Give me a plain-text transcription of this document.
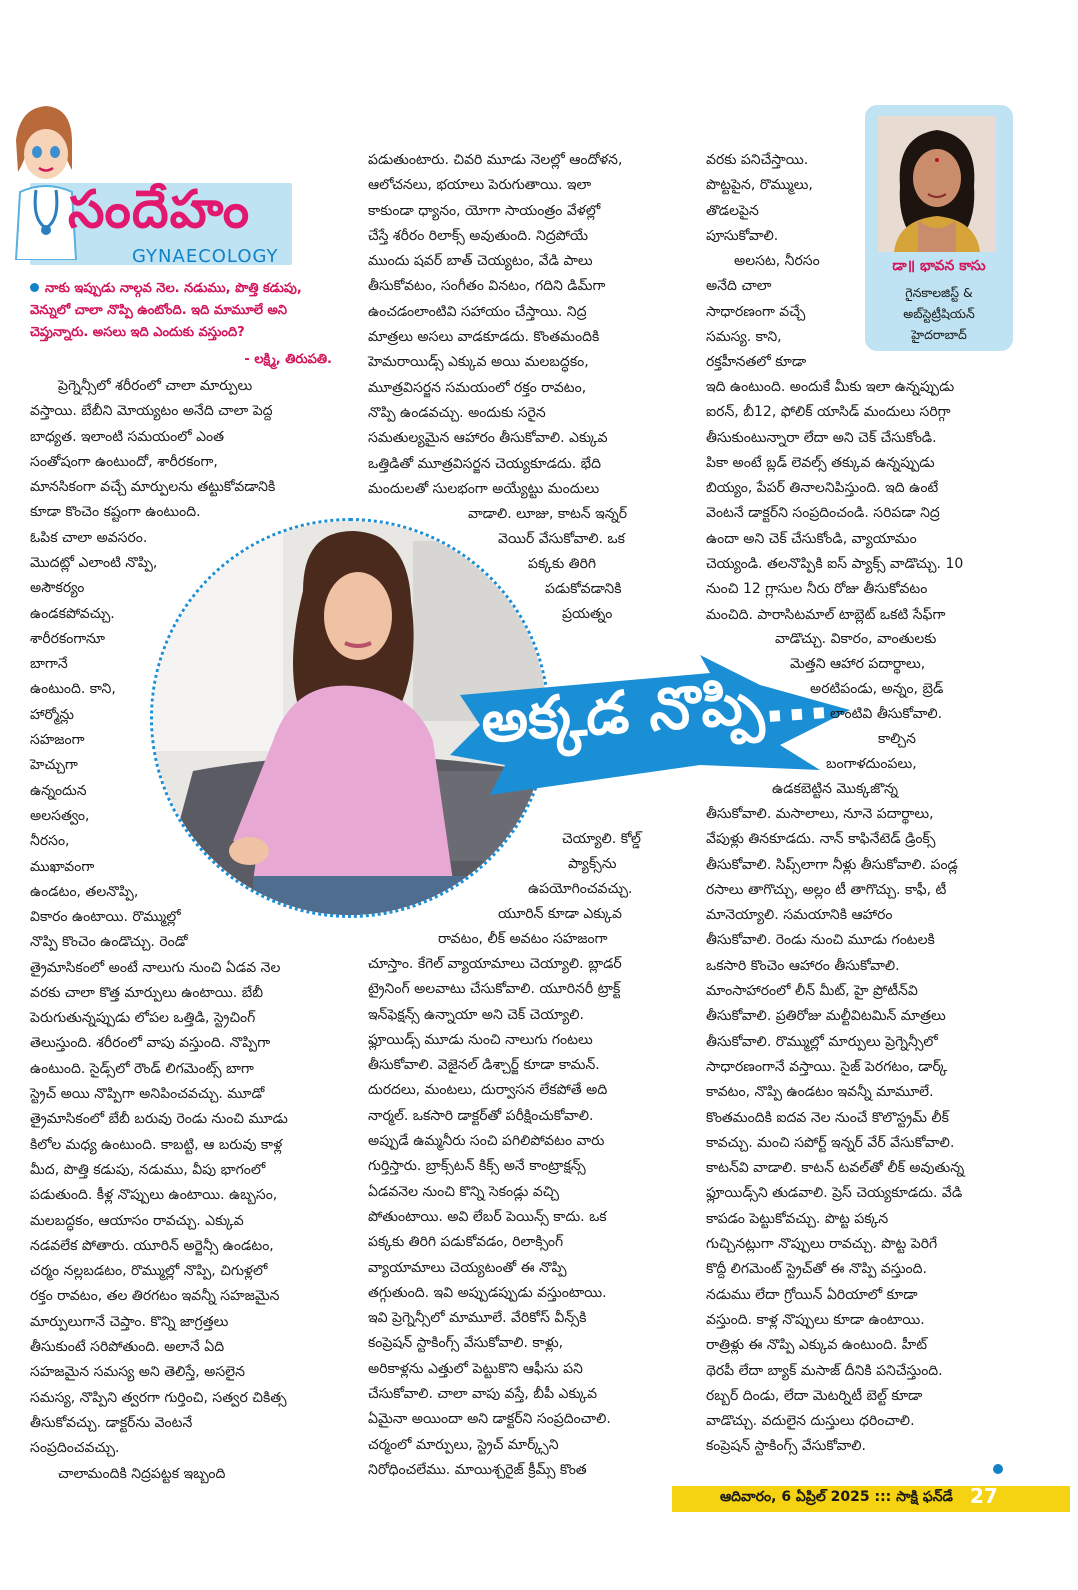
సందేహం
GYNAECOLOGY
నాకు ఇప్పుడు నాల్గవ నెల. నడుము, పొత్తి కడుపు, వెన్నులో చాలా నొప్పి ఉంటోంది. ఇది మామూలే అని చెప్తున్నారు. అసలు ఇది ఎందుకు వస్తుంది?
- లక్ష్మి, తిరుపతి.
డా॥ భావన కాసు
గైనకాలజిస్ట్ &
అబ్‌స్టెట్రీషియన్
హైదరాబాద్
అక్కడ నొప్పి...

ప్రెగ్నెన్సీలో శరీరంలో చాలా మార్పులు

వస్తాయి. బేబీని మోయ్యటం అనేది చాలా పెద్ద

బాధ్యత. ఇలాంటి సమయంలో ఎంత

సంతోషంగా ఉంటుందో, శారీరకంగా,

మానసికంగా వచ్చే మార్పులను తట్టుకోవడానికి

కూడా కొంచెం కష్టంగా ఉంటుంది.

ఓపిక చాలా అవసరం.

మొదట్లో ఎలాంటి నొప్పి,

అసౌకర్యం

ఉండకపోవచ్చు.

శారీరకంగానూ

బాగానే

ఉంటుంది. కాని,

హార్మోన్లు

సహజంగా

హెచ్చుగా

ఉన్నందున

అలసత్వం,

నీరసం,

ముఖావంగా

ఉండటం, తలనొప్పి,

వికారం ఉంటాయి. రొమ్ముల్లో

నొప్పి కొంచెం ఉండొచ్చు. రెండో

త్రైమాసికంలో అంటే నాలుగు నుంచి ఏడవ నెల

వరకు చాలా కొత్త మార్పులు ఉంటాయి. బేబీ

పెరుగుతున్నప్పుడు లోపల ఒత్తిడి, స్ట్రెచింగ్

తెలుస్తుంది. శరీరంలో వాపు వస్తుంది. నొప్పిగా

ఉంటుంది. సైడ్స్‌లో రౌండ్ లిగమెంట్స్ బాగా

స్ట్రెచ్ అయి నొప్పిగా అనిపించవచ్చు. మూడో

త్రైమాసికంలో బేబీ బరువు రెండు నుంచి మూడు

కిలోల మధ్య ఉంటుంది. కాబట్టి, ఆ బరువు కాళ్ల

మీద, పొత్తి కడుపు, నడుము, వీపు భాగంలో

పడుతుంది. కీళ్ల నొప్పులు ఉంటాయి. ఉబ్బసం,

మలబద్ధకం, ఆయాసం రావచ్చు. ఎక్కువ

నడవలేక పోతారు. యూరిన్ అర్జెన్సీ ఉండటం,

చర్మం నల్లబడటం, రొమ్ముల్లో నొప్పి, చిగుళ్లలో

రక్తం రావటం, తల తిరగటం ఇవన్నీ సహజమైన

మార్పులుగానే చెప్తాం. కొన్ని జాగ్రత్తలు

తీసుకుంటే సరిపోతుంది. అలానే ఏది

సహజమైన సమస్య అని తెలిస్తే, అసలైన

సమస్య, నొప్పిని త్వరగా గుర్తించి, సత్వర చికిత్స

తీసుకోవచ్చు. డాక్టర్‌ను వెంటనే

సంప్రదించవచ్చు.

చాలామందికి నిద్రపట్టక ఇబ్బంది

పడుతుంటారు. చివరి మూడు నెలల్లో ఆందోళన,

ఆలోచనలు, భయాలు పెరుగుతాయి. ఇలా

కాకుండా ధ్యానం, యోగా సాయంత్రం వేళల్లో

చేస్తే శరీరం రిలాక్స్ అవుతుంది. నిద్రపోయే

ముందు షవర్ బాత్ చెయ్యటం, వేడి పాలు

తీసుకోవటం, సంగీతం వినటం, గదిని డిమ్‌గా

ఉంచడంలాంటివి సహాయం చేస్తాయి. నిద్ర

మాత్రలు అసలు వాడకూడదు. కొంతమందికి

హెమరాయిడ్స్ ఎక్కువ అయి మలబద్ధకం,

మూత్రవిసర్జన సమయంలో రక్తం రావటం,

నొప్పి ఉండవచ్చు. అందుకు సరైన

సమతుల్యమైన ఆహారం తీసుకోవాలి. ఎక్కువ

ఒత్తిడితో మూత్రవిసర్జన చెయ్యకూడదు. భేది

మందులతో సులభంగా అయ్యేట్టు మందులు

వాడాలి. లూజు, కాటన్ ఇన్నర్
వెయిర్ వేసుకోవాలి. ఒక
పక్కకు తిరిగి
పడుకోవడానికి
ప్రయత్నం
చెయ్యాలి. కోల్డ్
ప్యాక్స్‌ను
ఉపయోగించవచ్చు.
యూరిన్ కూడా ఎక్కువ
రావటం, లీక్ అవటం సహజంగా

చూస్తాం. కేగెల్ వ్యాయామాలు చెయ్యాలి. బ్లాడర్

ట్రైనింగ్ అలవాటు చేసుకోవాలి. యూరినరీ ట్రాక్ట్

ఇన్‌ఫెక్షన్స్ ఉన్నాయా అని చెక్ చెయ్యాలి.

ఫ్లూయిడ్స్ మూడు నుంచి నాలుగు గంటలు

తీసుకోవాలి. వెజైనల్ డిశ్చార్జ్ కూడా కామన్.

దురదలు, మంటలు, దుర్వాసన లేకపోతే అది

నార్మల్. ఒకసారి డాక్టర్‌తో పరీక్షించుకోవాలి.

అప్పుడే ఉమ్మనీరు సంచి పగిలిపోవటం వారు

గుర్తిస్తారు. బ్రాక్స్‌టన్ కిక్స్ అనే కాంట్రాక్షన్స్

ఏడవనెల నుంచి కొన్ని సెకండ్లు వచ్చి

పోతుంటాయి. అవి లేబర్ పెయిన్స్ కాదు. ఒక

పక్కకు తిరిగి పడుకోవడం, రిలాక్సింగ్

వ్యాయామాలు చెయ్యటంతో ఈ నొప్పి

తగ్గుతుంది. ఇవి అప్పుడప్పుడు వస్తుంటాయి.

ఇవి ప్రెగ్నెన్సీలో మామూలే. వేరికోస్ వీన్స్‌కి

కంప్రెషన్ స్టాకింగ్స్ వేసుకోవాలి. కాళ్లు,

అరికాళ్లను ఎత్తులో పెట్టుకొని ఆఫీసు పని

చేసుకోవాలి. చాలా వాపు వస్తే, బీపీ ఎక్కువ

ఏమైనా అయిందా అని డాక్టర్‌ని సంప్రదించాలి.

చర్మంలో మార్పులు, స్ట్రెచ్ మార్క్స్‌ని

నిరోధించలేము. మాయిశ్చరైజ్ క్రీమ్స్ కొంత

వరకు పనిచేస్తాయి.

పొట్టపైన, రొమ్ములు,

తొడలపైన

పూసుకోవాలి.

అలసట, నీరసం

అనేది చాలా

సాధారణంగా వచ్చే

సమస్య. కాని,

రక్తహీనతలో కూడా

ఇది ఉంటుంది. అందుకే మీకు ఇలా ఉన్నప్పుడు

ఐరన్, బీ12, ఫోలిక్ యాసిడ్ మందులు సరిగ్గా

తీసుకుంటున్నారా లేదా అని చెక్ చేసుకోండి.

పికా అంటే బ్లడ్ లెవల్స్ తక్కువ ఉన్నప్పుడు

బియ్యం, పేపర్ తినాలనిపిస్తుంది. ఇది ఉంటే

వెంటనే డాక్టర్‌ని సంప్రదించండి. సరిపడా నిద్ర

ఉందా అని చెక్ చేసుకోండి, వ్యాయామం

చెయ్యండి. తలనొప్పికి ఐస్ ప్యాక్స్ వాడొచ్చు. 10

నుంచి 12 గ్లాసుల నీరు రోజు తీసుకోవటం

మంచిది. పారాసిటమాల్ టాబ్లెట్ ఒకటి సేఫ్‌గా

వాడొచ్చు. వికారం, వాంతులకు
మెత్తని ఆహార పదార్థాలు,
అరటిపండు, అన్నం, బ్రెడ్
లాంటివి తీసుకోవాలి.
కాల్చిన
బంగాళదుంపలు,
ఉడకబెట్టిన మొక్కజొన్న

తీసుకోవాలి. మసాలాలు, నూనె పదార్థాలు,

వేపుళ్లు తినకూడదు. నాన్ కాఫినేటెడ్ డ్రింక్స్

తీసుకోవాలి. సిప్స్‌లాగా నీళ్లు తీసుకోవాలి. పండ్ల

రసాలు తాగొచ్చు, అల్లం టీ తాగొచ్చు. కాఫీ, టీ

మానెయ్యాలి. సమయానికి ఆహారం

తీసుకోవాలి. రెండు నుంచి మూడు గంటలకి

ఒకసారి కొంచెం ఆహారం తీసుకోవాలి.

మాంసాహారంలో లీన్ మీట్, హై ప్రోటీన్‌వి

తీసుకోవాలి. ప్రతిరోజు మల్టీవిటమిన్ మాత్రలు

తీసుకోవాలి. రొమ్ముల్లో మార్పులు ప్రెగ్నెన్సీలో

సాధారణంగానే వస్తాయి. సైజ్ పెరగటం, డార్క్

కావటం, నొప్పి ఉండటం ఇవన్నీ మామూలే.

కొంతమందికి ఐదవ నెల నుంచే కొలొస్ట్రమ్ లీక్

కావచ్చు. మంచి సపోర్ట్ ఇన్నర్ వేర్ వేసుకోవాలి.

కాటన్‌వి వాడాలి. కాటన్ టవల్‌తో లీక్ అవుతున్న

ఫ్లూయిడ్స్‌ని తుడవాలి. ప్రెస్ చెయ్యకూడదు. వేడి

కాపడం పెట్టుకోవచ్చు. పొట్ట పక్కన

గుచ్చినట్లుగా నొప్పులు రావచ్చు. పొట్ట పెరిగే

కొద్దీ లిగమెంట్ స్ట్రెచ్‌తో ఈ నొప్పి వస్తుంది.

నడుము లేదా గ్రోయిన్ ఏరియాలో కూడా

వస్తుంది. కాళ్ల నొప్పులు కూడా ఉంటాయి.

రాత్రిళ్లు ఈ నొప్పి ఎక్కువ ఉంటుంది. హీట్

థెరపీ లేదా బ్యాక్ మసాజ్ దీనికి పనిచేస్తుంది.

రబ్బర్ దిండు, లేదా మెటర్నిటీ బెల్ట్ కూడా

వాడొచ్చు. వదులైన దుస్తులు ధరించాలి.

కంప్రెషన్ స్టాకింగ్స్ వేసుకోవాలి.

ఆదివారం, 6 ఏప్రిల్ 2025 ::: సాక్షి ఫన్‌డే 27
